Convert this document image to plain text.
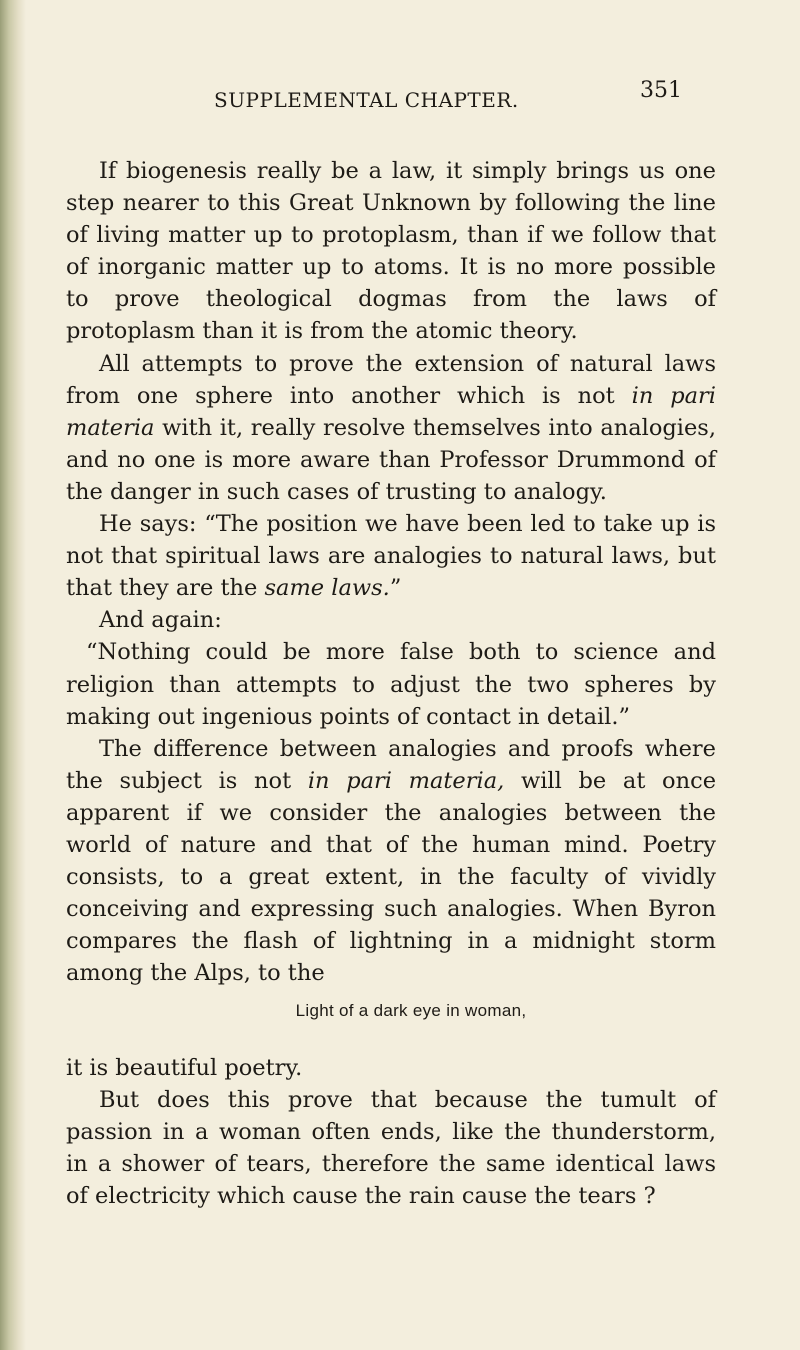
SUPPLEMENTAL CHAPTER.	351

If biogenesis really be a law, it simply brings us one step nearer to this Great Unknown by following the line of living matter up to protoplasm, than if we follow that of inorganic matter up to atoms. It is no more possible to prove theological dogmas from the laws of protoplasm than it is from the atomic theory.

All attempts to prove the extension of natural laws from one sphere into another which is not in pari materia with it, really resolve themselves into analogies, and no one is more aware than Professor Drummond of the danger in such cases of trusting to analogy.

He says: “The position we have been led to take up is not that spiritual laws are analogies to natural laws, but that they are the same laws.”

And again:

“Nothing could be more false both to science and religion than attempts to adjust the two spheres by making out ingenious points of contact in detail.”

The difference between analogies and proofs where the subject is not in pari materia, will be at once apparent if we consider the analogies between the world of nature and that of the human mind. Poetry consists, to a great extent, in the faculty of vividly conceiving and expressing such analogies. When Byron compares the flash of lightning in a midnight storm among the Alps, to the

Light of a dark eye in woman,

it is beautiful poetry.

But does this prove that because the tumult of passion in a woman often ends, like the thunderstorm, in a shower of tears, therefore the same identical laws of electricity which cause the rain cause the tears ?
